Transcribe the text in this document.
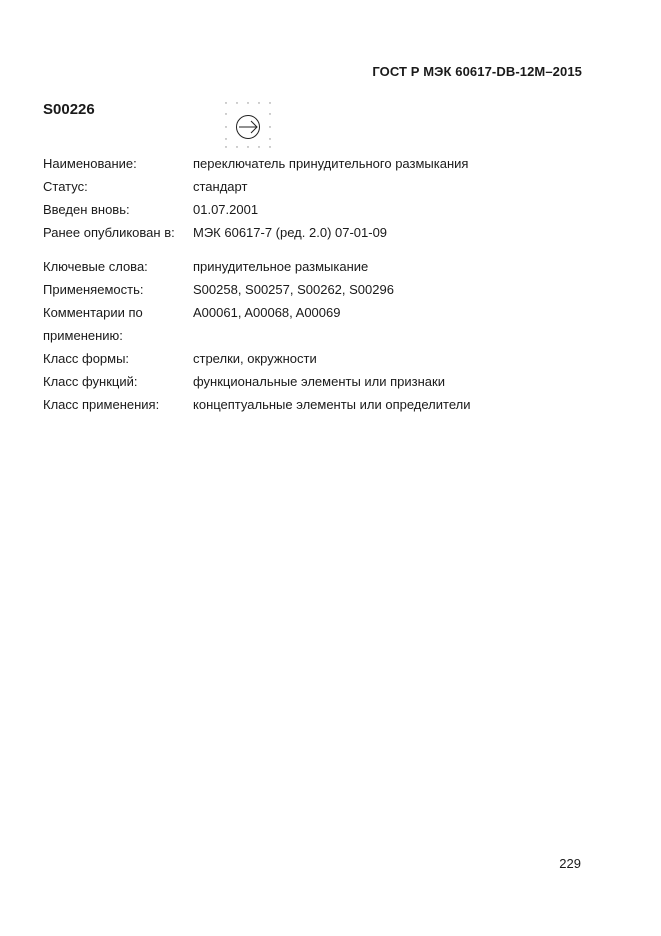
ГОСТ Р МЭК 60617-DB-12М–2015
S00226
Наименование:	переключатель принудительного размыкания
Статус:	стандарт
Введен вновь:	01.07.2001
Ранее опубликован в: МЭК 60617-7 (ред. 2.0) 07-01-09
Ключевые слова:	принудительное размыкание
Применяемость:	S00258, S00257, S00262, S00296
Комментарии по	A00061, A00068, A00069
применению:
Класс формы:	стрелки, окружности
Класс функций:	функциональные элементы или признаки
Класс применения:	концептуальные элементы или определители
229
